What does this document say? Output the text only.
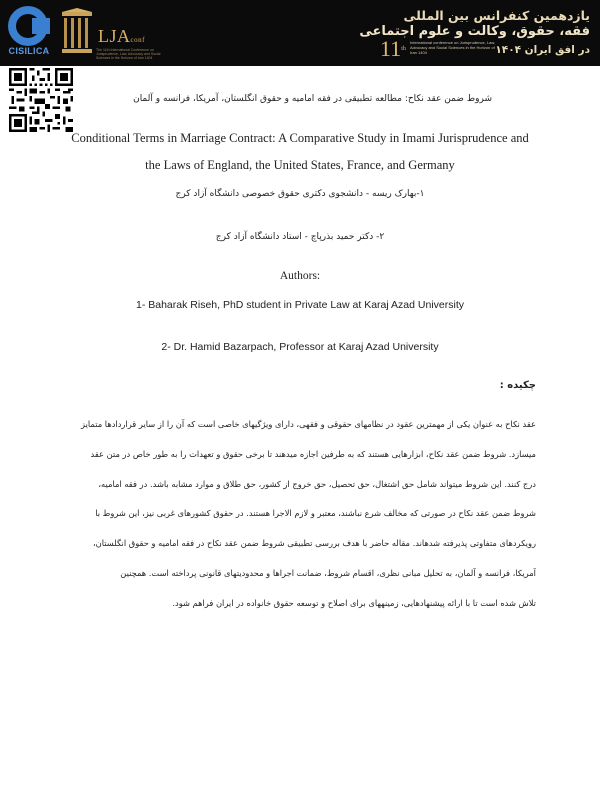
CISILICA
LJAconf
The 11th International Conference on Jurisprudence, Law, Advocacy and Social Sciences in the Horizon of Iran 1404
یازدهمین کنفرانس بین المللی
فقه، حقوق، وکالت و علوم اجتماعی
در افق ایران ۱۴۰۴
11th
International conference on Jurisprudence, Law, Advocacy and Social Sciences in the Horizon of Iran 1404
شروط ضمن عقد نکاح: مطالعه تطبیقی در فقه امامیه و حقوق انگلستان، آمریکا، فرانسه و آلمان
Conditional Terms in Marriage Contract: A Comparative Study in Imami Jurisprudence and
the Laws of England, the United States, France, and Germany
۱-بهارک ریسه - دانشجوی دکتری حقوق خصوصی دانشگاه آزاد کرج
۲- دکتر حمید بذرپاچ - استاد دانشگاه آزاد کرج
Authors:
1- Baharak Riseh, PhD student in Private Law at Karaj Azad University
2- Dr. Hamid Bazarpach, Professor at Karaj Azad University
چکیده :
عقد نکاح به عنوان یکی از مهمترین عقود در نظامهای حقوقی و فقهی، دارای ویژگیهای خاصی است که آن را از سایر قراردادها متمایز
میسازد. شروط ضمن عقد نکاح، ابزارهایی هستند که به طرفین اجازه میدهند تا برخی حقوق و تعهدات را به طور خاص در متن عقد
درج کنند. این شروط میتواند شامل حق اشتغال، حق تحصیل، حق خروج از کشور، حق طلاق و موارد مشابه باشد. در فقه امامیه،
شروط ضمن عقد نکاح در صورتی که مخالف شرع نباشند، معتبر و لازم الاجرا هستند. در حقوق کشورهای غربی نیز، این شروط با
رویکردهای متفاوتی پذیرفته شدهاند. مقاله حاضر با هدف بررسی تطبیقی شروط ضمن عقد نکاح در فقه امامیه و حقوق انگلستان،
آمریکا، فرانسه و آلمان، به تحلیل مبانی نظری، اقسام شروط، ضمانت اجراها و محدودیتهای قانونی پرداخته است. همچنین
تلاش شده است تا با ارائه پیشنهادهایی، زمینههای برای اصلاح و توسعه حقوق خانواده در ایران فراهم شود.
